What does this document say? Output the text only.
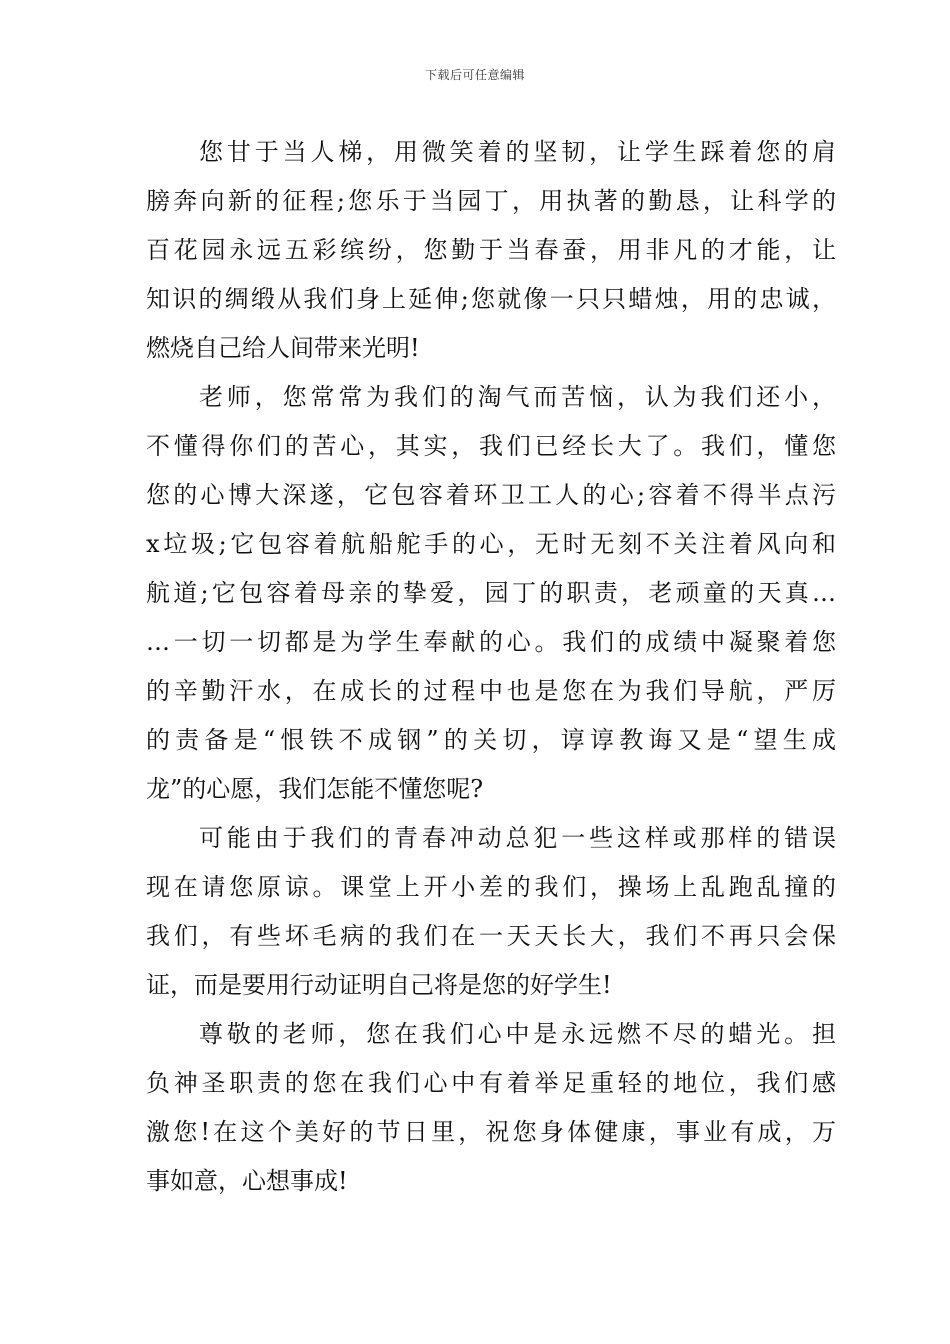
下载后可任意编辑
您甘于当人梯，用微笑着的坚韧，让学生踩着您的肩
膀奔向新的征程;您乐于当园丁，用执著的勤恳，让科学的
百花园永远五彩缤纷，您勤于当春蚕，用非凡的才能，让
知识的绸缎从我们身上延伸;您就像一只只蜡烛，用的忠诚，
燃烧自己给人间带来光明!
老师，您常常为我们的淘气而苦恼，认为我们还小，
不懂得你们的苦心，其实，我们已经长大了。我们，懂您
您的心博大深遂，它包容着环卫工人的心;容着不得半点污
x垃圾;它包容着航船舵手的心，无时无刻不关注着风向和
航道;它包容着母亲的挚爱，园丁的职责，老顽童的天真…
…一切一切都是为学生奉献的心。我们的成绩中凝聚着您
的辛勤汗水，在成长的过程中也是您在为我们导航，严厉
的责备是“恨铁不成钢”的关切，谆谆教诲又是“望生成
龙”的心愿，我们怎能不懂您呢?
可能由于我们的青春冲动总犯一些这样或那样的错误
现在请您原谅。课堂上开小差的我们，操场上乱跑乱撞的
我们，有些坏毛病的我们在一天天长大，我们不再只会保
证，而是要用行动证明自己将是您的好学生!
尊敬的老师，您在我们心中是永远燃不尽的蜡光。担
负神圣职责的您在我们心中有着举足重轻的地位，我们感
激您!在这个美好的节日里，祝您身体健康，事业有成，万
事如意，心想事成!
